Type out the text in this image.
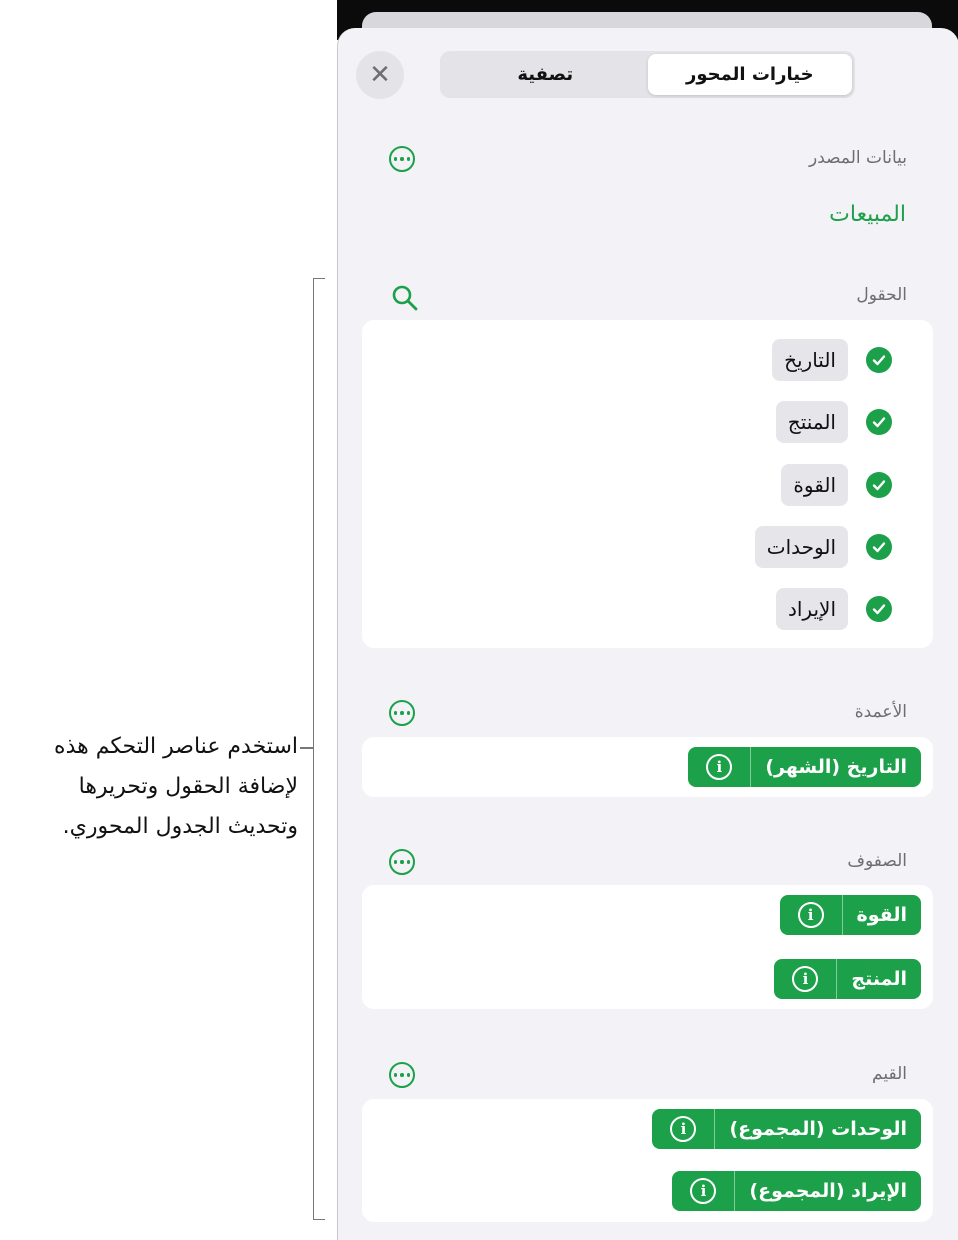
✕	خيارات المحور
تصفية
بيانات المصدر
المبيعات
الحقول
التاريخ
المنتج
القوة
الوحدات
الإيراد
الأعمدة
التاريخ (الشهر)
i
الصفوف
القوة
i
المنتج
i
القيم
الوحدات (المجموع)
i
الإيراد (المجموع)
i
استخدم عناصر التحكم هذه
لإضافة الحقول وتحريرها
وتحديث الجدول المحوري.
